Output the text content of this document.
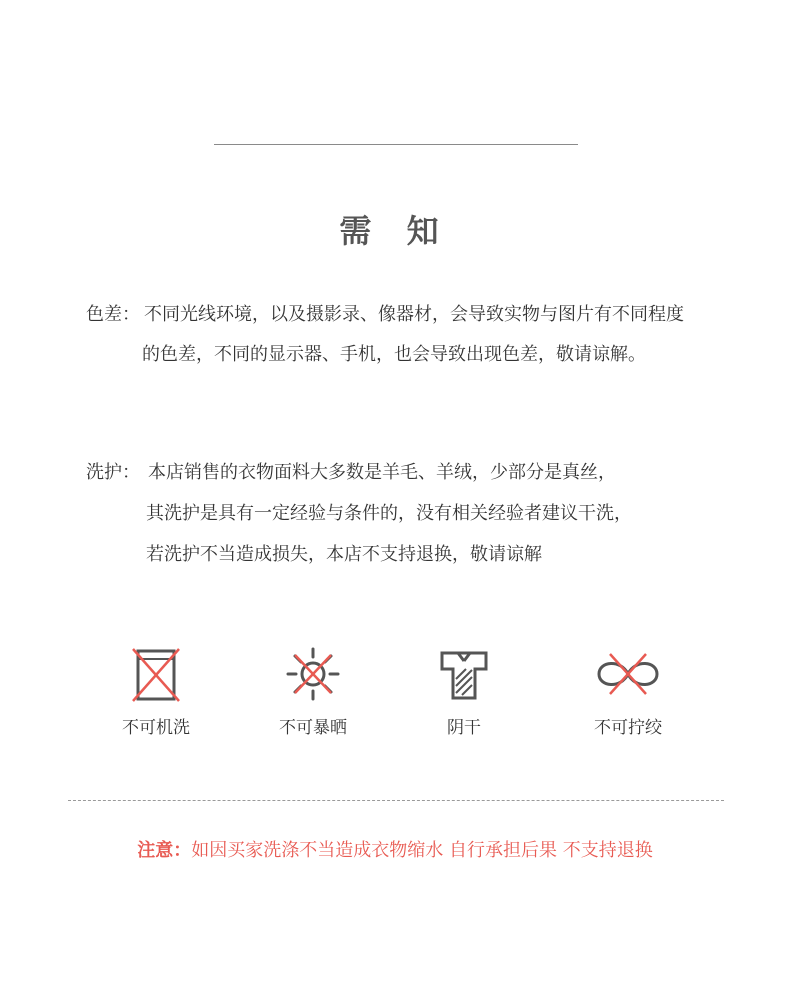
需 知
色差： 不同光线环境，以及摄影录、像器材，会导致实物与图片有不同程度
的色差，不同的显示器、手机，也会导致出现色差，敬请谅解。
洗护： 本店销售的衣物面料大多数是羊毛、羊绒，少部分是真丝，
其洗护是具有一定经验与条件的，没有相关经验者建议干洗，
若洗护不当造成损失，本店不支持退换，敬请谅解
不可机洗	不可暴晒	阴干	不可拧绞
注意：如因买家洗涤不当造成衣物缩水 自行承担后果 不支持退换
